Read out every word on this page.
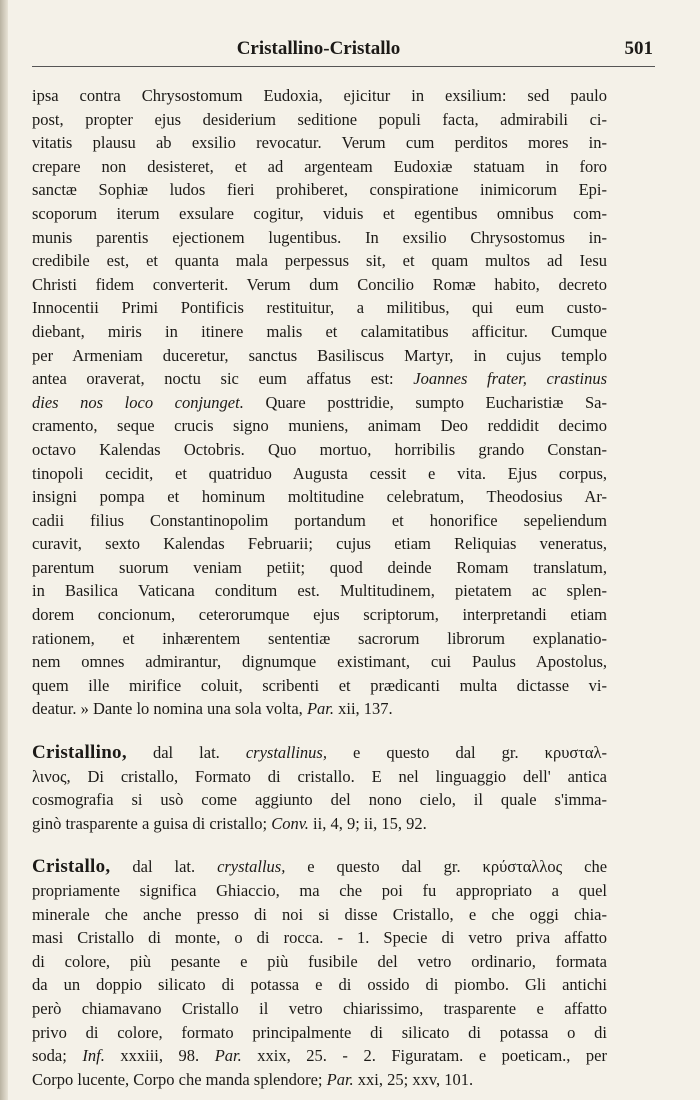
Cristallino-Cristallo	501
ipsa contra Chrysostomum Eudoxia, ejicitur in exsilium: sed paulo
post, propter ejus desiderium seditione populi facta, admirabili ci-
vitatis plausu ab exsilio revocatur. Verum cum perditos mores in-
crepare non desisteret, et ad argenteam Eudoxiæ statuam in foro
sanctæ Sophiæ ludos fieri prohiberet, conspiratione inimicorum Epi-
scoporum iterum exsulare cogitur, viduis et egentibus omnibus com-
munis parentis ejectionem lugentibus. In exsilio Chrysostomus in-
credibile est, et quanta mala perpessus sit, et quam multos ad Iesu
Christi fidem converterit. Verum dum Concilio Romæ habito, decreto
Innocentii Primi Pontificis restituitur, a militibus, qui eum custo-
diebant, miris in itinere malis et calamitatibus afficitur. Cumque
per Armeniam duceretur, sanctus Basiliscus Martyr, in cujus templo
antea oraverat, noctu sic eum affatus est: Joannes frater, crastinus
dies nos loco conjunget. Quare posttridie, sumpto Eucharistiæ Sa-
cramento, seque crucis signo muniens, animam Deo reddidit decimo
octavo Kalendas Octobris. Quo mortuo, horribilis grando Constan-
tinopoli cecidit, et quatriduo Augusta cessit e vita. Ejus corpus,
insigni pompa et hominum moltitudine celebratum, Theodosius Ar-
cadii filius Constantinopolim portandum et honorifice sepeliendum
curavit, sexto Kalendas Februarii; cujus etiam Reliquias veneratus,
parentum suorum veniam petiit; quod deinde Romam translatum,
in Basilica Vaticana conditum est. Multitudinem, pietatem ac splen-
dorem concionum, ceterorumque ejus scriptorum, interpretandi etiam
rationem, et inhærentem sententiæ sacrorum librorum explanatio-
nem omnes admirantur, dignumque existimant, cui Paulus Apostolus,
quem ille mirifice coluit, scribenti et prædicanti multa dictasse vi-
deatur. » Dante lo nomina una sola volta, Par. xii, 137.
Cristallino, dal lat. crystallinus, e questo dal gr. κρυσταλ-
λινος, Di cristallo, Formato di cristallo. E nel linguaggio dell' antica
cosmografia si usò come aggiunto del nono cielo, il quale s'imma-
ginò trasparente a guisa di cristallo; Conv. ii, 4, 9; ii, 15, 92.
Cristallo, dal lat. crystallus, e questo dal gr. κρύσταλλος che
propriamente significa Ghiaccio, ma che poi fu appropriato a quel
minerale che anche presso di noi si disse Cristallo, e che oggi chia-
masi Cristallo di monte, o di rocca. - 1. Specie di vetro priva affatto
di colore, più pesante e più fusibile del vetro ordinario, formata
da un doppio silicato di potassa e di ossido di piombo. Gli antichi
però chiamavano Cristallo il vetro chiarissimo, trasparente e affatto
privo di colore, formato principalmente di silicato di potassa o di
soda; Inf. xxxiii, 98. Par. xxix, 25. - 2. Figuratam. e poeticam., per
Corpo lucente, Corpo che manda splendore; Par. xxi, 25; xxv, 101.
